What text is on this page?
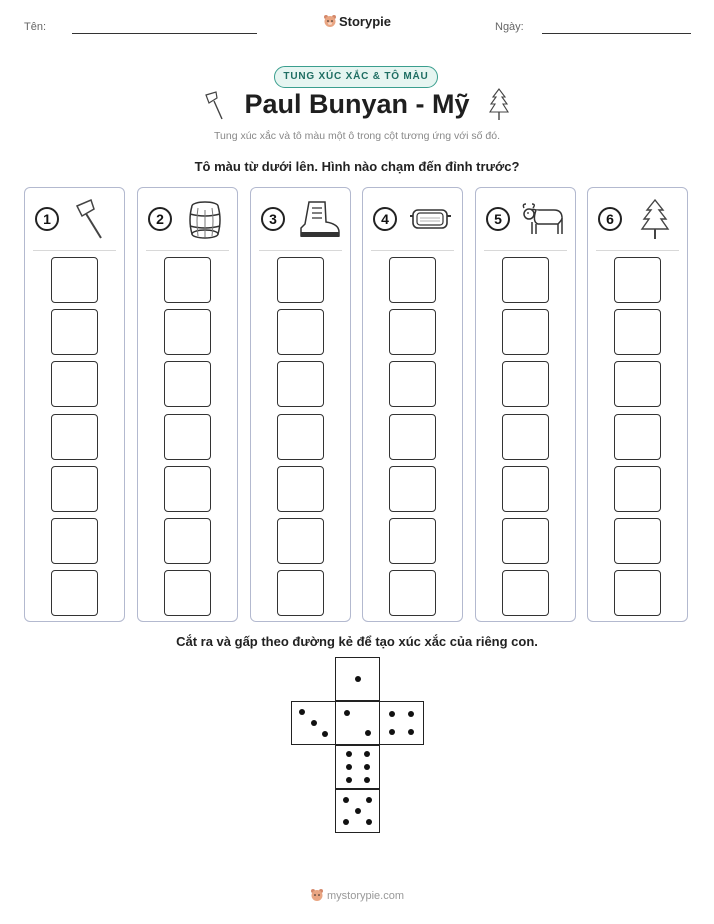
Tên:	Storypie	Ngày:
TUNG XÚC XẮC & TÔ MÀU
Paul Bunyan - Mỹ
Tung xúc xắc và tô màu một ô trong cột tương ứng với số đó.
Tô màu từ dưới lên. Hình nào chạm đến đỉnh trước?
1	2	3	4	5	6
Cắt ra và gấp theo đường kẻ để tạo xúc xắc của riêng con.
mystorypie.com
